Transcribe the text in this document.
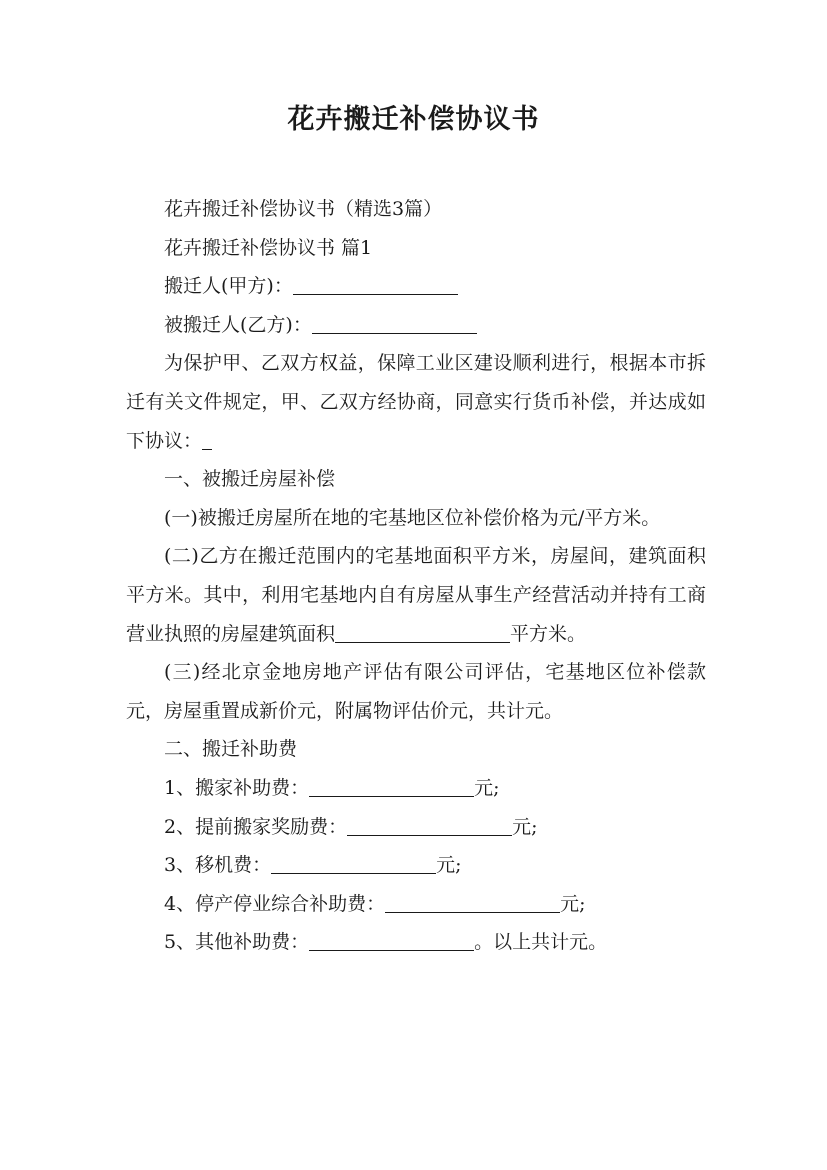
花卉搬迁补偿协议书

花卉搬迁补偿协议书（精选3篇）

花卉搬迁补偿协议书 篇1

搬迁人(甲方)：

被搬迁人(乙方)：

为保护甲、乙双方权益，保障工业区建设顺利进行，根据本市拆迁有关文件规定，甲、乙双方经协商，同意实行货币补偿，并达成如下协议：

一、被搬迁房屋补偿

(一)被搬迁房屋所在地的宅基地区位补偿价格为元/平方米。

(二)乙方在搬迁范围内的宅基地面积平方米，房屋间，建筑面积平方米。其中，利用宅基地内自有房屋从事生产经营活动并持有工商营业执照的房屋建筑面积	平方米。

(三)经北京金地房地产评估有限公司评估，宅基地区位补偿款元，房屋重置成新价元，附属物评估价元，共计元。

二、搬迁补助费

1、搬家补助费：	元;

2、提前搬家奖励费：	元;

3、移机费：	元;

4、停产停业综合补助费：	元;

5、其他补助费：	。以上共计元。
